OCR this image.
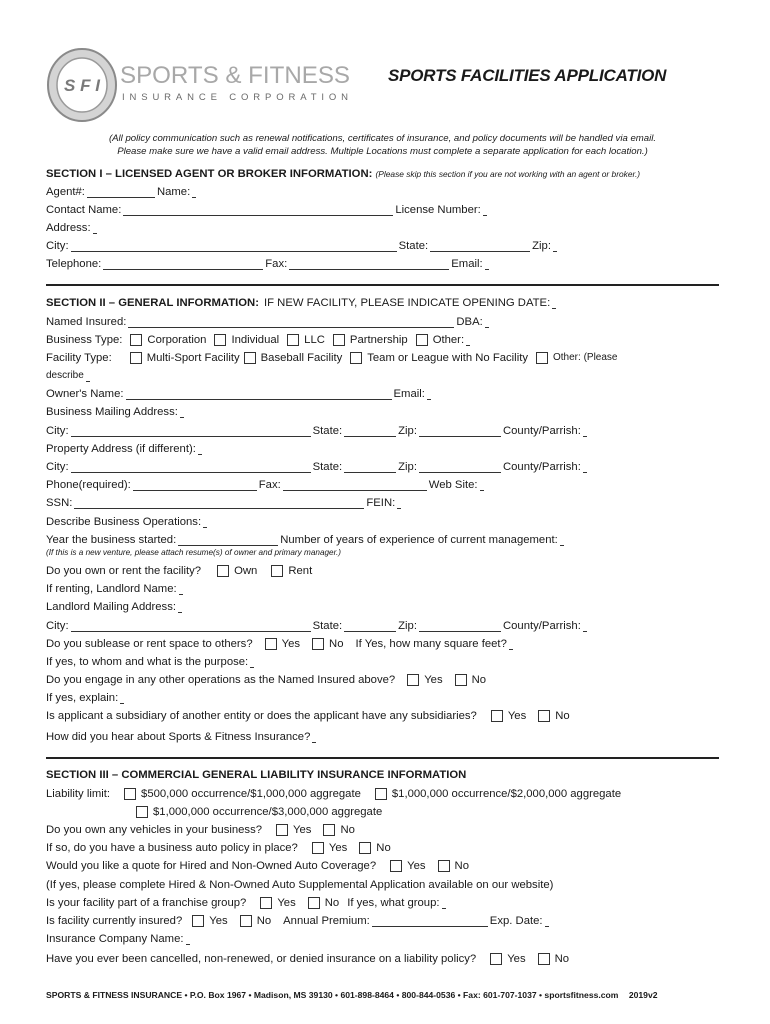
S F I SPORTS & FITNESS
INSURANCE CORPORATION
SPORTS FACILITIES APPLICATION
(All policy communication such as renewal notifications, certificates of insurance, and policy documents will be handled via email.
Please make sure we have a valid email address. Multiple Locations must complete a separate application for each location.)
SECTION I – LICENSED AGENT OR BROKER INFORMATION: (Please skip this section if you are not working with an agent or broker.)
Agent#:	Name:
Contact Name:	License Number:
Address:
City:	State:	Zip:
Telephone:	Fax:	Email:
SECTION II – GENERAL INFORMATION: IF NEW FACILITY, PLEASE INDICATE OPENING DATE:
Named Insured:	DBA:
Business Type: Corporation Individual LLC Partnership Other:
Facility Type:	Multi-Sport Facility Baseball Facility Team or League with No Facility	Other: (Please
describe
Owner's Name:	Email:
Business Mailing Address:
City:	State:	Zip:	County/Parrish:
Property Address (if different):
City:	State:	Zip:	County/Parrish:
Phone(required):	Fax:	Web Site:
SSN:	FEIN:
Describe Business Operations:
Year the business started:	Number of years of experience of current management:
(If this is a new venture, please attach resume(s) of owner and primary manager.)
Do you own or rent the facility?	Own	Rent
If renting, Landlord Name:
Landlord Mailing Address:
City:	State:	Zip:	County/Parrish:
Do you sublease or rent space to others?	Yes	No If Yes, how many square feet?
If yes, to whom and what is the purpose:
Do you engage in any other operations as the Named Insured above?	Yes	No
If yes, explain:
Is applicant a subsidiary of another entity or does the applicant have any subsidiaries?	Yes	No
How did you hear about Sports & Fitness Insurance?
SECTION III – COMMERCIAL GENERAL LIABILITY INSURANCE INFORMATION
Liability limit:	$500,000 occurrence/$1,000,000 aggregate	$1,000,000 occurrence/$2,000,000 aggregate
$1,000,000 occurrence/$3,000,000 aggregate
Do you own any vehicles in your business?	Yes	No
If so, do you have a business auto policy in place?	Yes	No
Would you like a quote for Hired and Non-Owned Auto Coverage?	Yes	No
(If yes, please complete Hired & Non-Owned Auto Supplemental Application available on our website)
Is your facility part of a franchise group?	Yes	No If yes, what group:
Is facility currently insured? Yes	No Annual Premium:	Exp. Date:
Insurance Company Name:
Have you ever been cancelled, non-renewed, or denied insurance on a liability policy?	Yes	No
SPORTS & FITNESS INSURANCE • P.O. Box 1967 • Madison, MS 39130 • 601-898-8464 • 800-844-0536 • Fax: 601-707-1037 • sportsfitness.com 2019v2
